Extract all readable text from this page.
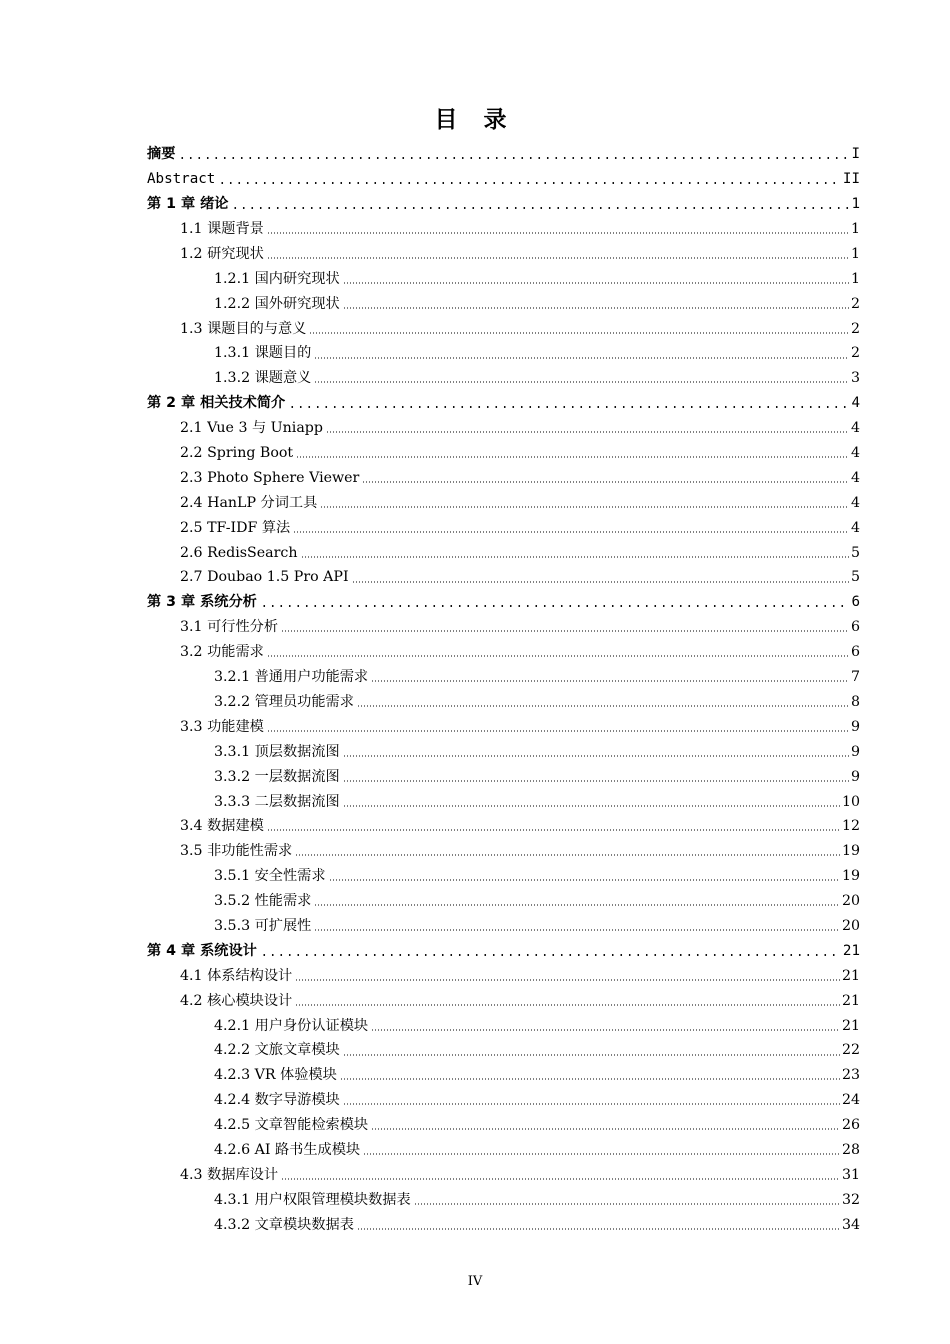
目 录
摘要	I
Abstract	II
第 1 章 绪论	1
1.1 课题背景	1
1.2 研究现状	1
1.2.1 国内研究现状	1
1.2.2 国外研究现状	2
1.3 课题目的与意义	2
1.3.1 课题目的	2
1.3.2 课题意义	3
第 2 章 相关技术简介	4
2.1 Vue 3 与 Uniapp	4
2.2 Spring Boot	4
2.3 Photo Sphere Viewer	4
2.4 HanLP 分词工具	4
2.5 TF-IDF 算法	4
2.6 RedisSearch	5
2.7 Doubao 1.5 Pro API	5
第 3 章 系统分析	6
3.1 可行性分析	6
3.2 功能需求	6
3.2.1 普通用户功能需求	7
3.2.2 管理员功能需求	8
3.3 功能建模	9
3.3.1 顶层数据流图	9
3.3.2 一层数据流图	9
3.3.3 二层数据流图	10
3.4 数据建模	12
3.5 非功能性需求	19
3.5.1 安全性需求	19
3.5.2 性能需求	20
3.5.3 可扩展性	20
第 4 章 系统设计	21
4.1 体系结构设计	21
4.2 核心模块设计	21
4.2.1 用户身份认证模块	21
4.2.2 文旅文章模块	22
4.2.3 VR 体验模块	23
4.2.4 数字导游模块	24
4.2.5 文章智能检索模块	26
4.2.6 AI 路书生成模块	28
4.3 数据库设计	31
4.3.1 用户权限管理模块数据表	32
4.3.2 文章模块数据表	34
IV
